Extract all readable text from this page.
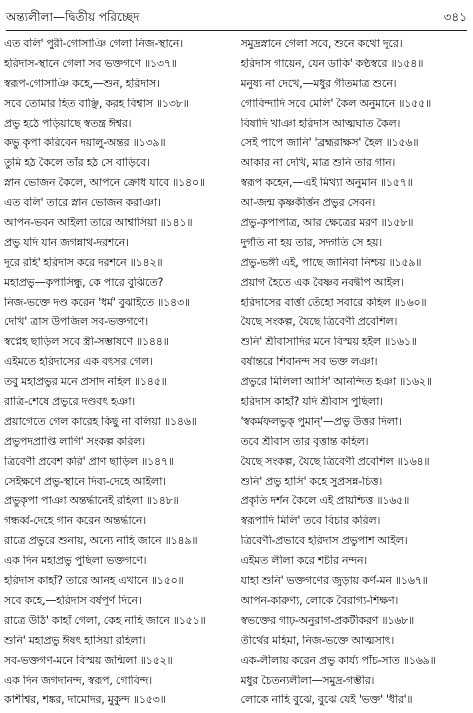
অন্ত্যলীলা—দ্বিতীয় পরিচ্ছেদ	৩৪১
এত বলি' পুরী-গোসাঞি গেলা নিজ-স্থানে।
হরিদাস-স্থানে গেলা সব ভক্তগণে ॥১৩৭॥
স্বরূপ-গোসাঞি কহে,—শুন, হরিদাস।
সবে তোমার হিত বাঞ্ছি, করহ বিশ্বাস ॥১৩৮॥
প্রভু হঠে পড়িয়াছে স্বতন্ত্র ঈশ্বর।
কভু কৃপা করিবেন দয়ালু-অন্তর ॥১৩৯॥
তুমি হঠ কৈলে তাঁর হঠ সে বাড়িবে।
স্নান ভোজন কৈলে, আপনে ক্রোধ যাবে ॥১৪০॥
এত বলি' তারে স্নান ভোজন করাঞা।
আপন-ভবন আইলা তারে আশ্বাসিয়া ॥১৪১॥
প্রভু যদি যান জগন্নাথ-দরশনে।
দূরে রহি' হরিদাস করে দরশনে ॥১৪২॥
মহাপ্রভু—কৃপাসিন্ধু, কে পারে বুঝিতে?
নিজ-ভক্তে দণ্ড করেন 'ধর্ম' বুঝাইতে ॥১৪৩॥
দেখি' ত্রাস উপজিল সব-ভক্তগণে।
স্বপ্নেহ ছাড়িল সবে স্ত্রী-সম্ভাষণে ॥১৪৪॥
এইমতে হরিদাসের এক বৎসর গেল।
তবু মহাপ্রভুর মনে প্রসাদ নহিল ॥১৪৫॥
রাত্রি-শেষে প্রভুরে দণ্ডবৎ হঞা।
প্রয়াগেতে গেল কারেহ কিছু না বলিয়া ॥১৪৬॥
প্রভুপদপ্রাপ্তি লাগি' সংকল্প করিল।
ত্রিবেণী প্রবেশ করি' প্রাণ ছাড়িল ॥১৪৭॥
সেইক্ষণে প্রভু-স্থানে দিব্য-দেহে আইলা।
প্রভুকৃপা পাঞা অন্তর্দ্ধানেই রহিলা ॥১৪৮॥
গন্ধর্ব্ব-দেহে গান করেন অন্তর্দ্ধানে।
রাত্রে প্রভুরে শুনায়, অন্যে নাহি জানে ॥১৪৯॥
এক দিন মহাপ্রভু পুছিলা ভক্তগণে।
হরিদাস কাহাঁ? তারে আনহ এখানে ॥১৫০॥
সবে কহে,—হরিদাস বর্ষপূর্ণ দিনে।
রাত্রে উঠি' কাহাঁ গেলা, কেহ নাহি জানে ॥১৫১॥
শুনি' মহাপ্রভু ঈষৎ হাসিয়া রহিলা।
সব-ভক্তগণ-মনে বিস্ময় জন্মিলা ॥১৫২॥
এক দিন জগদানন্দ, স্বরূপ, গোবিন্দ।
কাশীশ্বর, শঙ্কর, দামোদর, মুকুন্দ ॥১৫৩॥
সমুদ্রস্নানে গেলা সবে, শুনে কথো দূরে।
হরিদাস গায়েন, যেন ডাকি' কণ্ঠস্বরে ॥১৫৪॥
মনুষ্য না দেখে,—মধুর গীতমাত্র শুনে।
গোবিন্দাদি সবে মেলি' কৈল অনুমানে ॥১৫৫॥
বিষাদি খাঞা হরিদাস আত্মঘাত কৈল।
সেই পাপে জানি' 'ব্রহ্মরাক্ষস' হৈল ॥১৫৬॥
আকার না দেখি, মাত্র শুনি তার গান।
স্বরূপ কহেন,—এই মিথ্যা অনুমান ॥১৫৭॥
আ-জন্ম কৃষ্ণকীর্ত্তন প্রভুর সেবন।
প্রভু-কৃপাপাত্র, আর ক্ষেত্রের মরণ ॥১৫৮॥
দুর্গতি না হয় তার, সদ্গতি সে হয়।
প্রভু-ভঙ্গী এই, পাছে জানিবা নিশ্চয় ॥১৫৯॥
প্রয়াগ হৈতে এক বৈষ্ণব নবদ্বীপ আইল।
হরিদাসের বার্ত্তা তেঁহো সবারে কহিল ॥১৬০॥
যৈছে সংকল্প, যৈছে ত্রিবেণী প্রবেশিল।
শুনি' শ্রীবাসাদির মনে বিস্ময় হইল ॥১৬১॥
বর্ষান্তরে শিবানন্দ সব ভক্ত লঞা।
প্রভুরে মিলিলা আসি' আনন্দিত হঞা ॥১৬২॥
হরিদাস কাহাঁ? যদি শ্রীবাস পুছিলা।
'স্বকর্মফলভুক্ পুমান্'—প্রভু উত্তর দিলা।
তবে শ্রীবাস তার বৃত্তান্ত কহিল।
যৈছে সংকল্প, যৈছে ত্রিবেণী প্রবেশিল ॥১৬৪॥
শুনি' প্রভু হাসি' কহে সুপ্রসন্ন-চিত্ত।
প্রকৃতি দর্শন কৈলে এই প্রায়শ্চিত্ত ॥১৬৫॥
স্বরূপাদি মিলি' তবে বিচার করিল।
ত্রিবেণী-প্রভাবে হরিদাস প্রভুপাশ আইল।
এইমত লীলা করে শচীর নন্দন।
যাহা শুনি' ভক্তগণের জুড়ায় কর্ণ-মন ॥১৬৭॥
আপন-কারুণ্য, লোকে বৈরাগ্য-শিক্ষণ।
স্বভক্তের গাঢ়-অনুরাগ-প্রকটীকরণ ॥১৬৮॥
তীর্থের মহিমা, নিজ-ভক্তে আত্মসাৎ।
এক-লীলায় করেন প্রভু কার্য্য পাঁচ-সাত ॥১৬৯॥
মধুর চৈতন্যলীলা—সমুদ্র-গম্ভীর।
লোকে নাহি বুঝে, বুঝে যেই 'ভক্ত' 'ধীর'॥
